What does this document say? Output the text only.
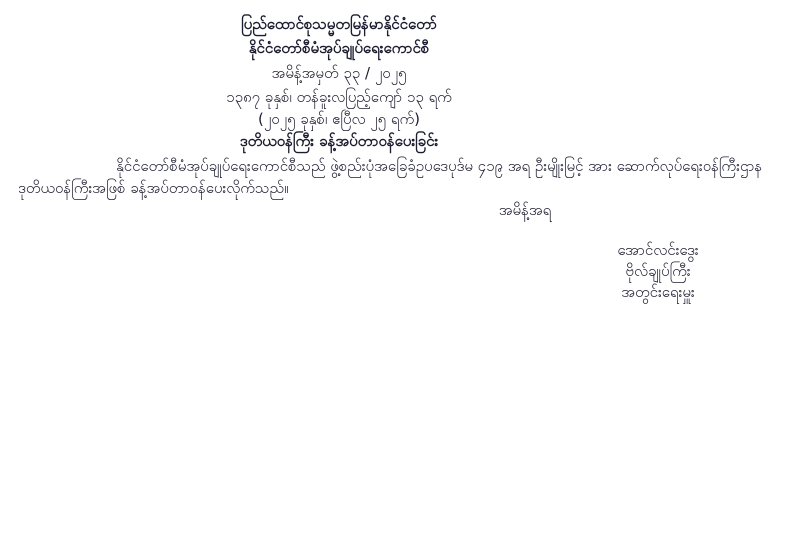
ပြည်ထောင်စုသမ္မတမြန်မာနိုင်ငံတော်
နိုင်ငံတော်စီမံအုပ်ချုပ်ရေးကောင်စီ
အမိန့်အမှတ် ၃၃ / ၂၀၂၅
၁၃၈၇ ခုနှစ်၊ တန်ခူးလပြည့်ကျော် ၁၃ ရက်
(၂၀၂၅ ခုနှစ်၊ ဧပြီလ ၂၅ ရက်)
ဒုတိယဝန်ကြီး ခန့်အပ်တာဝန်ပေးခြင်း

နိုင်ငံတော်စီမံအုပ်ချုပ်ရေးကောင်စီသည် ဖွဲ့စည်းပုံအခြေခံဥပဒေပုဒ်မ ၄၁၉ အရ ဦးမျိုးမြင့် အား ဆောက်လုပ်ရေးဝန်ကြီးဌာန ဒုတိယဝန်ကြီးအဖြစ် ခန့်အပ်တာဝန်ပေးလိုက်သည်။

အမိန့်အရ
အောင်လင်းဒွေး
ဗိုလ်ချုပ်ကြီး
အတွင်းရေးမှူး
